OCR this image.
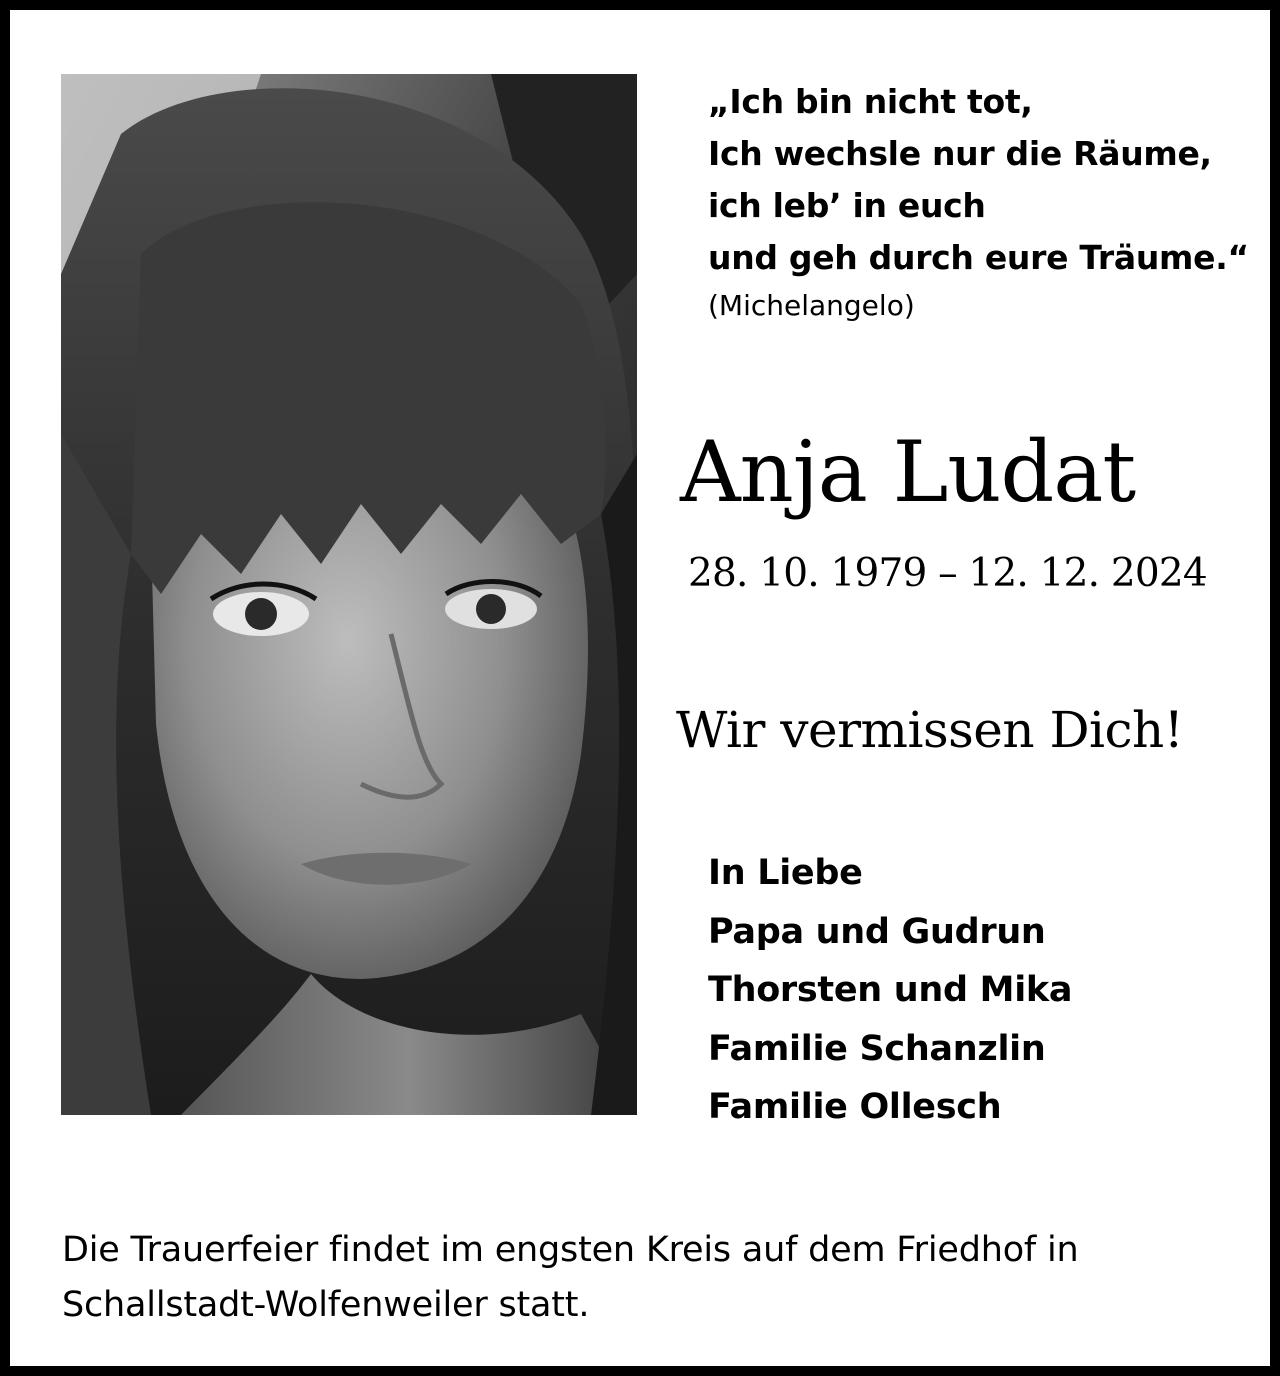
„Ich bin nicht tot,
Ich wechsle nur die Räume,
ich leb’ in euch
und geh durch eure Träume.“
(Michelangelo)
Anja Ludat
28. 10. 1979 – 12. 12. 2024
Wir vermissen Dich!
In Liebe
Papa und Gudrun
Thorsten und Mika
Familie Schanzlin
Familie Ollesch
Die Trauerfeier findet im engsten Kreis auf dem Friedhof in Schallstadt-Wolfenweiler statt.
